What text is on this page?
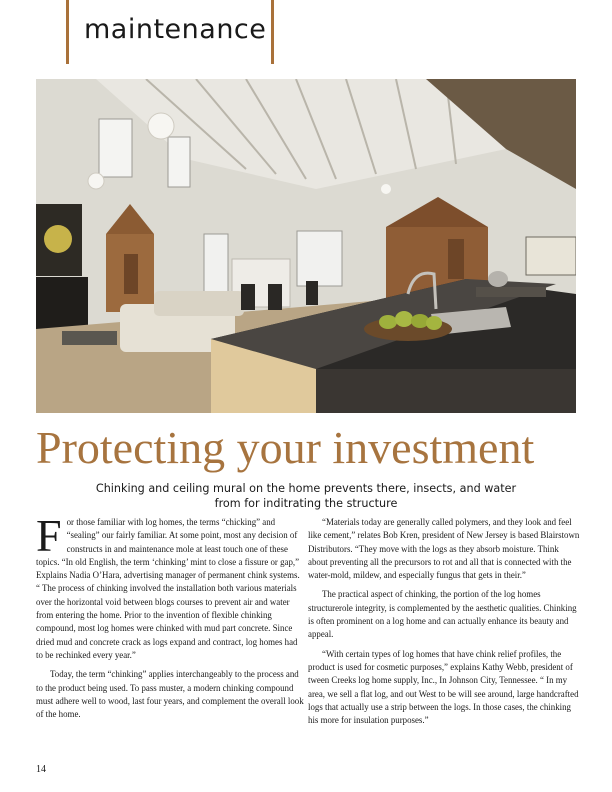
maintenance
Protecting your investment
Chinking and ceiling mural on the home prevents there, insects, and water
from for inditrating the structure

For those familiar with log homes, the terms “chicking” and “sealing” our fairly familiar. At some point, most any decision of constructs in and maintenance mole at least touch one of these topics. “In old English, the term ‘chinking’ mint to close a fissure or gap,” Explains Nadia O’Hara, advertising manager of permanent chink systems. “ The process of chinking involved the installation both various materials over the horizontal void between blogs courses to prevent air and water from entering the home. Prior to the invention of flexible chinking compound, most log homes were chinked with mud part concrete. Since dried mud and concrete crack as logs expand and contract, log homes had to be rechinked every year.”

Today, the term “chinking” applies interchangeably to the process and to the product being used. To pass muster, a modern chinking compound must adhere well to wood, last four years, and complement the overall look of the home.

“Materials today are generally called polymers, and they look and feel like cement,” relates Bob Kren, president of New Jersey is based Blairstown Distributors. “They move with the logs as they absorb moisture. Think about preventing all the precursors to rot and all that is connected with the water-mold, mildew, and especially fungus that gets in their.”

The practical aspect of chinking, the portion of the log homes structurerole integrity, is complemented by the aesthetic qualities. Chinking is often prominent on a log home and can actually enhance its beauty and appeal.

“With certain types of log homes that have chink relief profiles, the product is used for cosmetic purposes,” explains Kathy Webb, president of tween Creeks log home supply, Inc., In Johnson City, Tennessee. “ In my area, we sell a flat log, and out West to be will see around, large handcrafted logs that actually use a strip between the logs. In those cases, the chinking his more for insulation purposes.”

14
